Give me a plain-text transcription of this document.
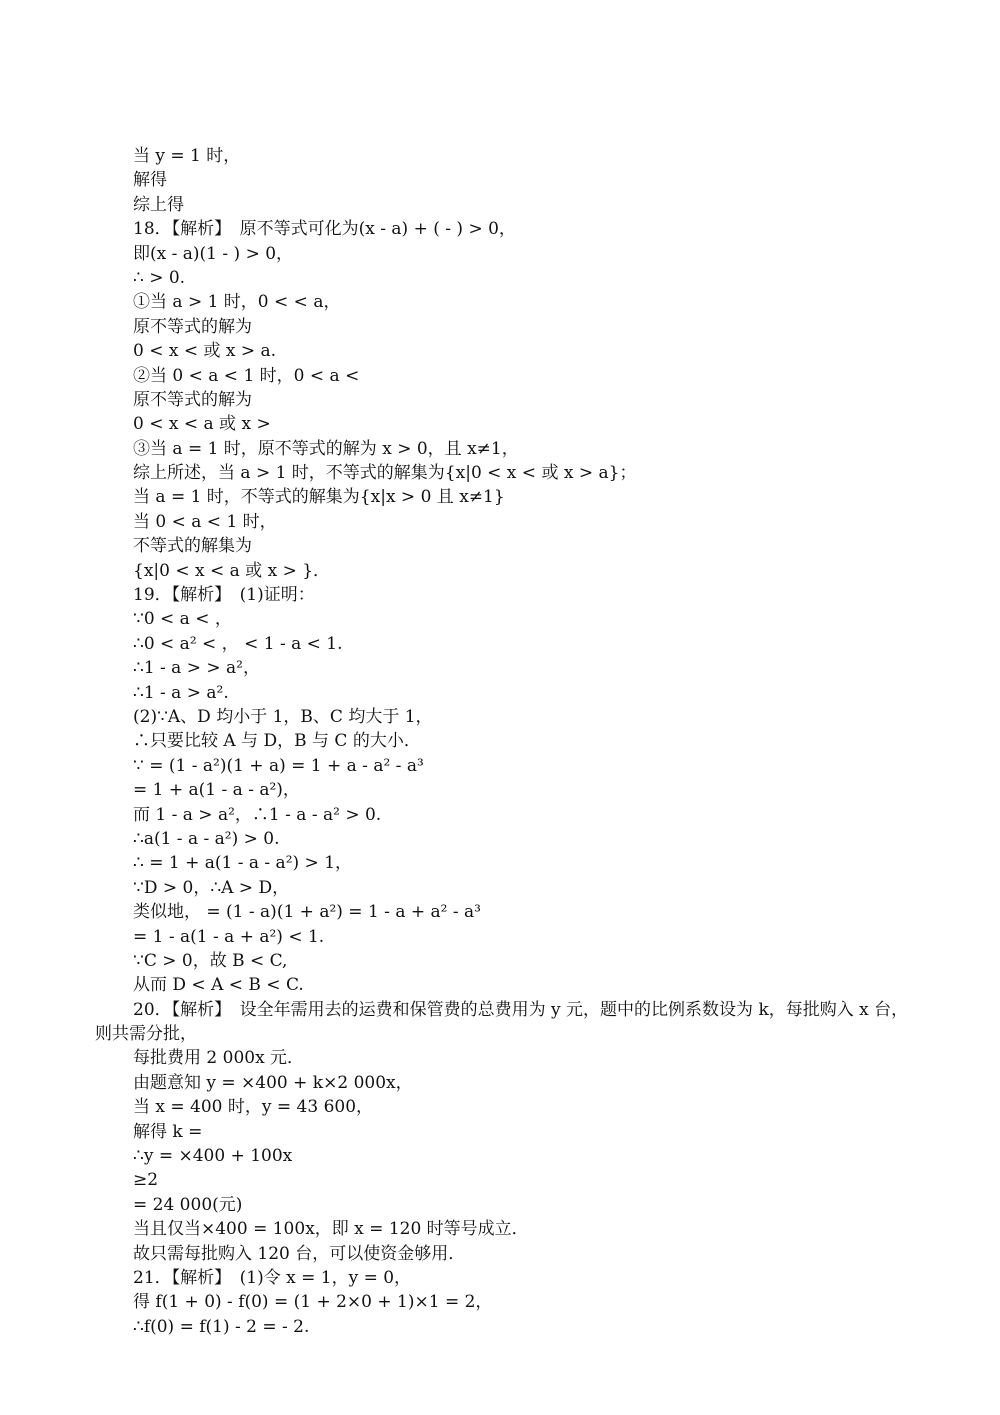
当 y = 1 时，
解得
综上得
18．【解析】　原不等式可化为(x - a) + ( - ) > 0，
即(x - a)(1 - ) > 0，
∴ > 0.
①当 a > 1 时，0 < < a，
原不等式的解为
0 < x < 或 x > a.
②当 0 < a < 1 时，0 < a <
原不等式的解为
0 < x < a 或 x >
③当 a = 1 时，原不等式的解为 x > 0，且 x≠1，
综上所述，当 a > 1 时，不等式的解集为{x|0 < x < 或 x > a}；
当 a = 1 时，不等式的解集为{x|x > 0 且 x≠1}
当 0 < a < 1 时，
不等式的解集为
{x|0 < x < a 或 x > }．
19．【解析】　(1)证明：
∵0 < a < ，
∴0 < a² < ， < 1 - a < 1.
∴1 - a > > a²，
∴1 - a > a².
(2)∵A、D 均小于 1，B、C 均大于 1，
∴只要比较 A 与 D，B 与 C 的大小．
∵ = (1 - a²)(1 + a) = 1 + a - a² - a³
= 1 + a(1 - a - a²)，
而 1 - a > a²，∴1 - a - a² > 0.
∴a(1 - a - a²) > 0.
∴ = 1 + a(1 - a - a²) > 1，
∵D > 0，∴A > D，
类似地， = (1 - a)(1 + a²) = 1 - a + a² - a³
= 1 - a(1 - a + a²) < 1.
∵C > 0，故 B < C,
从而 D < A < B < C.
20．【解析】　设全年需用去的运费和保管费的总费用为 y 元，题中的比例系数设为 k，每批购入 x 台，
则共需分批，
每批费用 2 000x 元．
由题意知 y = ×400 + k×2 000x，
当 x = 400 时，y = 43 600，
解得 k =
∴y = ×400 + 100x
≥2
= 24 000(元)
当且仅当×400 = 100x，即 x = 120 时等号成立．
故只需每批购入 120 台，可以使资金够用．
21．【解析】　(1)令 x = 1，y = 0，
得 f(1 + 0) - f(0) = (1 + 2×0 + 1)×1 = 2，
∴f(0) = f(1) - 2 = - 2.
